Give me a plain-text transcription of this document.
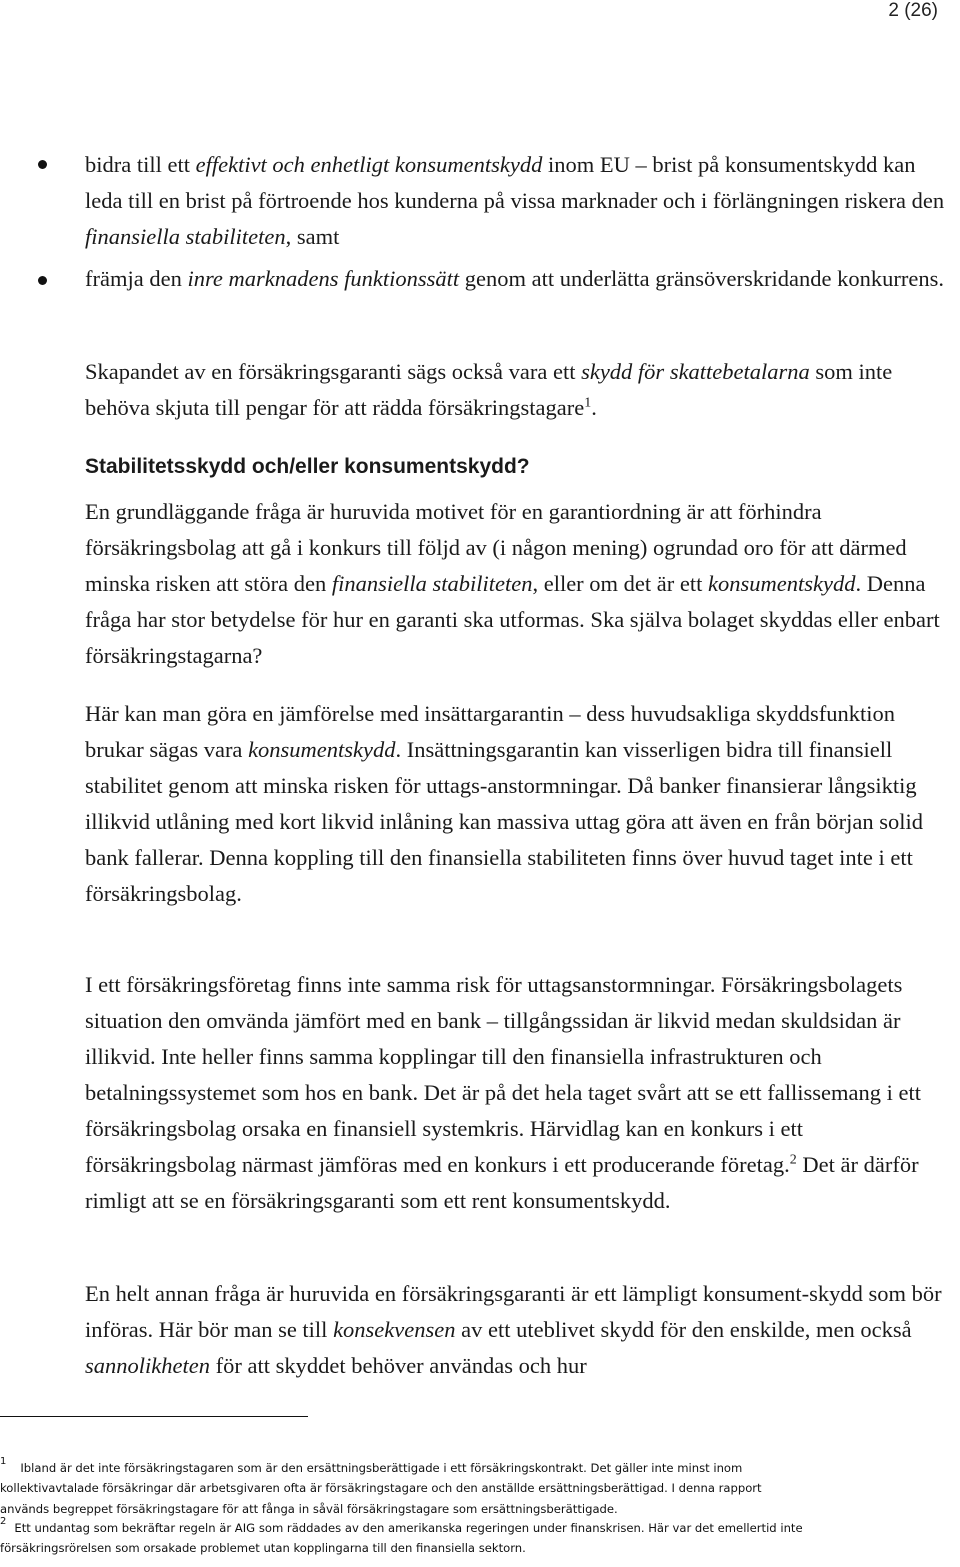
2 (26)

bidra till ett effektivt och enhetligt konsumentskydd inom EU – brist på konsumentskydd kan leda till en brist på förtroende hos kunderna på vissa marknader och i förlängningen riskera den finansiella stabiliteten, samt

främja den inre marknadens funktionssätt genom att underlätta gränsöverskridande konkurrens.

Skapandet av en försäkringsgaranti sägs också vara ett skydd för skattebetalarna som inte behöva skjuta till pengar för att rädda försäkringstagare$^1$.

Stabilitetsskydd och/eller konsumentskydd?

En grundläggande fråga är huruvida motivet för en garantiordning är att förhindra försäkringsbolag att gå i konkurs till följd av (i någon mening) ogrundad oro för att därmed minska risken att störa den finansiella stabiliteten, eller om det är ett konsumentskydd. Denna fråga har stor betydelse för hur en garanti ska utformas. Ska själva bolaget skyddas eller enbart försäkringstagarna?

Här kan man göra en jämförelse med insättargarantin – dess huvudsakliga skyddsfunktion brukar sägas vara konsumentskydd. Insättningsgarantin kan visserligen bidra till finansiell stabilitet genom att minska risken för uttags-anstormningar. Då banker finansierar långsiktig illikvid utlåning med kort likvid inlåning kan massiva uttag göra att även en från början solid bank fallerar. Denna koppling till den finansiella stabiliteten finns över huvud taget inte i ett försäkringsbolag.

I ett försäkringsföretag finns inte samma risk för uttagsanstormningar. Försäkringsbolagets situation den omvända jämfört med en bank – tillgångssidan är likvid medan skuldsidan är illikvid. Inte heller finns samma kopplingar till den finansiella infrastrukturen och betalningssystemet som hos en bank. Det är på det hela taget svårt att se ett fallissemang i ett försäkringsbolag orsaka en finansiell systemkris. Härvidlag kan en konkurs i ett försäkringsbolag närmast jämföras med en konkurs i ett producerande företag.$^2$ Det är därför rimligt att se en försäkringsgaranti som ett rent konsumentskydd.

En helt annan fråga är huruvida en försäkringsgaranti är ett lämpligt konsument-skydd som bör införas. Här bör man se till konsekvensen av ett uteblivet skydd för den enskilde, men också sannolikheten för att skyddet behöver användas och hur

$^1$ Ibland är det inte försäkringstagaren som är den ersättningsberättigade i ett försäkringskontrakt. Det gäller inte minst inom
kollektivavtalade försäkringar där arbetsgivaren ofta är försäkringstagare och den anställde ersättningsberättigad. I denna rapport
används begreppet försäkringstagare för att fånga in såväl försäkringstagare som ersättningsberättigade.
$^2$ Ett undantag som bekräftar regeln är AIG som räddades av den amerikanska regeringen under finanskrisen. Här var det emellertid inte
försäkringsrörelsen som orsakade problemet utan kopplingarna till den finansiella sektorn.
